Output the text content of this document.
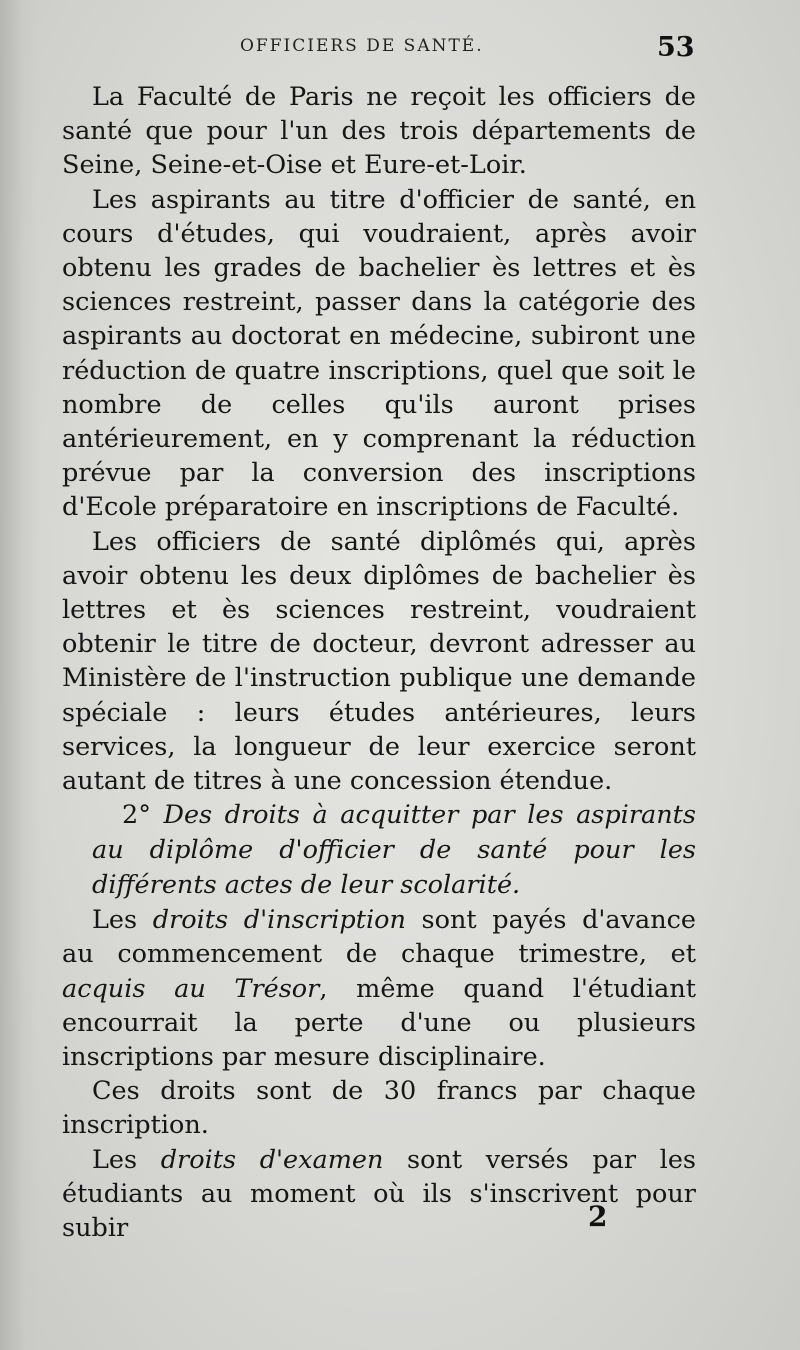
OFFICIERS DE SANTÉ.	53

La Faculté de Paris ne reçoit les officiers de santé que pour l'un des trois départements de Seine, Seine-et-Oise et Eure-et-Loir.

Les aspirants au titre d'officier de santé, en cours d'études, qui voudraient, après avoir obtenu les grades de bachelier ès lettres et ès sciences restreint, passer dans la catégorie des aspirants au doctorat en médecine, subiront une réduction de quatre inscriptions, quel que soit le nombre de celles qu'ils auront prises antérieurement, en y comprenant la réduction prévue par la conversion des inscriptions d'Ecole préparatoire en inscriptions de Faculté.

Les officiers de santé diplômés qui, après avoir obtenu les deux diplômes de bachelier ès lettres et ès sciences restreint, voudraient obtenir le titre de docteur, devront adresser au Ministère de l'instruction publique une demande spéciale : leurs études antérieures, leurs services, la longueur de leur exercice seront autant de titres à une concession étendue.

2° Des droits à acquitter par les aspirants au diplôme d'officier de santé pour les différents actes de leur scolarité.

Les droits d'inscription sont payés d'avance au commencement de chaque trimestre, et acquis au Trésor, même quand l'étudiant encourrait la perte d'une ou plusieurs inscriptions par mesure disciplinaire.

Ces droits sont de 30 francs par chaque inscription.

Les droits d'examen sont versés par les étudiants au moment où ils s'inscrivent pour subir	2
